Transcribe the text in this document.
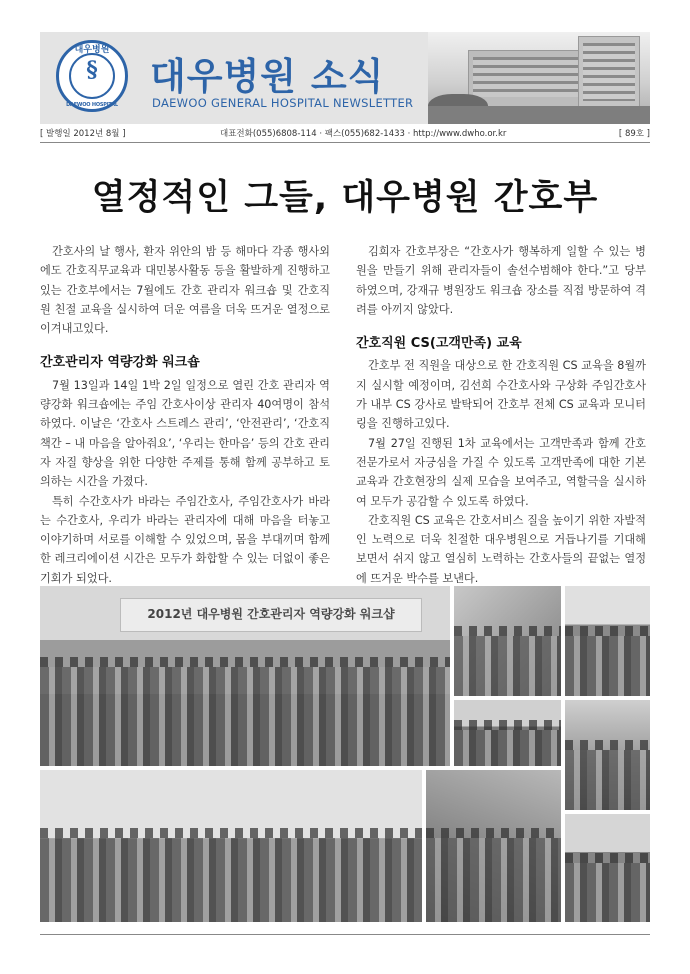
대우병원
§
DAEWOO HOSPITAL
대우병원 소식
DAEWOO GENERAL HOSPITAL NEWSLETTER
[ 발행일 2012년 8월 ]	대표전화(055)6808-114 · 팩스(055)682-1433 · http://www.dwho.or.kr	[ 89호 ]
열정적인 그들, 대우병원 간호부

간호사의 날 행사, 환자 위안의 밤 등 해마다 각종 행사외에도 간호직무교육과 대민봉사활동 등을 활발하게 진행하고 있는 간호부에서는 7월에도 간호 관리자 워크숍 및 간호직원 친절 교육을 실시하여 더운 여름을 더욱 뜨거운 열정으로 이겨내고있다.

간호관리자 역량강화 워크숍

7월 13일과 14일 1박 2일 일정으로 열린 간호 관리자 역량강화 워크숍에는 주임 간호사이상 관리자 40여명이 참석하였다. 이날은 ‘간호사 스트레스 관리’, ‘안전관리’, ‘간호직책간 – 내 마음을 알아줘요’, ‘우리는 한마음’ 등의 간호 관리자 자질 향상을 위한 다양한 주제를 통해 함께 공부하고 토의하는 시간을 가졌다.

특히 수간호사가 바라는 주임간호사, 주임간호사가 바라는 수간호사, 우리가 바라는 관리자에 대해 마음을 터놓고 이야기하며 서로를 이해할 수 있었으며, 몸을 부대끼며 함께 한 레크리에이션 시간은 모두가 화합할 수 있는 더없이 좋은 기회가 되었다.

김희자 간호부장은 “간호사가 행복하게 일할 수 있는 병원을 만들기 위해 관리자들이 솔선수범해야 한다.”고 당부하였으며, 강재규 병원장도 워크숍 장소를 직접 방문하여 격려를 아끼지 않았다.

간호직원 CS(고객만족) 교육

간호부 전 직원을 대상으로 한 간호직원 CS 교육을 8월까지 실시할 예정이며, 김선희 수간호사와 구상화 주임간호사가 내부 CS 강사로 발탁되어 간호부 전체 CS 교육과 모니터링을 진행하고있다.

7월 27일 진행된 1차 교육에서는 고객만족과 함께 간호전문가로서 자긍심을 가질 수 있도록 고객만족에 대한 기본교육과 간호현장의 실제 모습을 보여주고, 역할극을 실시하여 모두가 공감할 수 있도록 하였다.

간호직원 CS 교육은 간호서비스 질을 높이기 위한 자발적인 노력으로 더욱 친절한 대우병원으로 거듭나기를 기대해 보면서 쉬지 않고 열심히 노력하는 간호사들의 끝없는 열정에 뜨거운 박수를 보낸다.

2012년 대우병원 간호관리자 역량강화 워크샵
